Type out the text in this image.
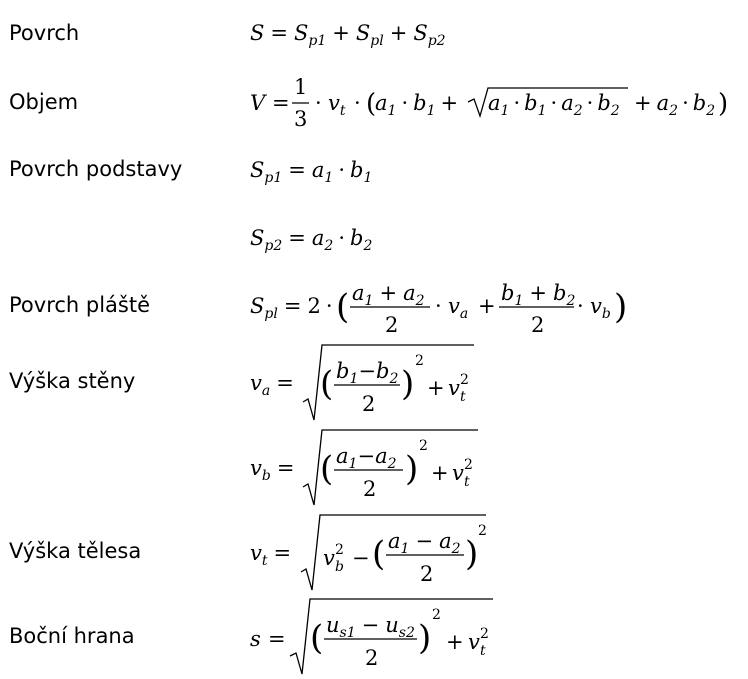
Povrch
Objem
Povrch podstavy
Povrch pláště
Výška stěny
Výška tělesa
Boční hrana
$S = S_{p1} + S_{pl} + S_{p2}$
V =
1
3
· $v_t$ · (
$a_1 \cdot b_1 + a_1 \cdot b_1 \cdot a_2 \cdot b_2 + a_2 \cdot b_2$ )
$S_{p1} = a_1 \cdot b_1$
$S_{p2} = a_2 \cdot b_2$
$S_{pl} = 2$ · ( $a_1 + a_2$
2
· $v_a$ +
$b_1 + b_2$
2
· $v_b$ )
$v_a$ = ( $b_1-b_2$
2 )
2
+ v 2
t
$v_b$ = ( $a_1-a_2$
2 )
2
+ v 2
t
$v_t = v$ 2
b − ( $a_1 - a_2$
2 )
2
s = ( $u_{s1} - u_{s2}$
2 )
2
+ v 2
t
